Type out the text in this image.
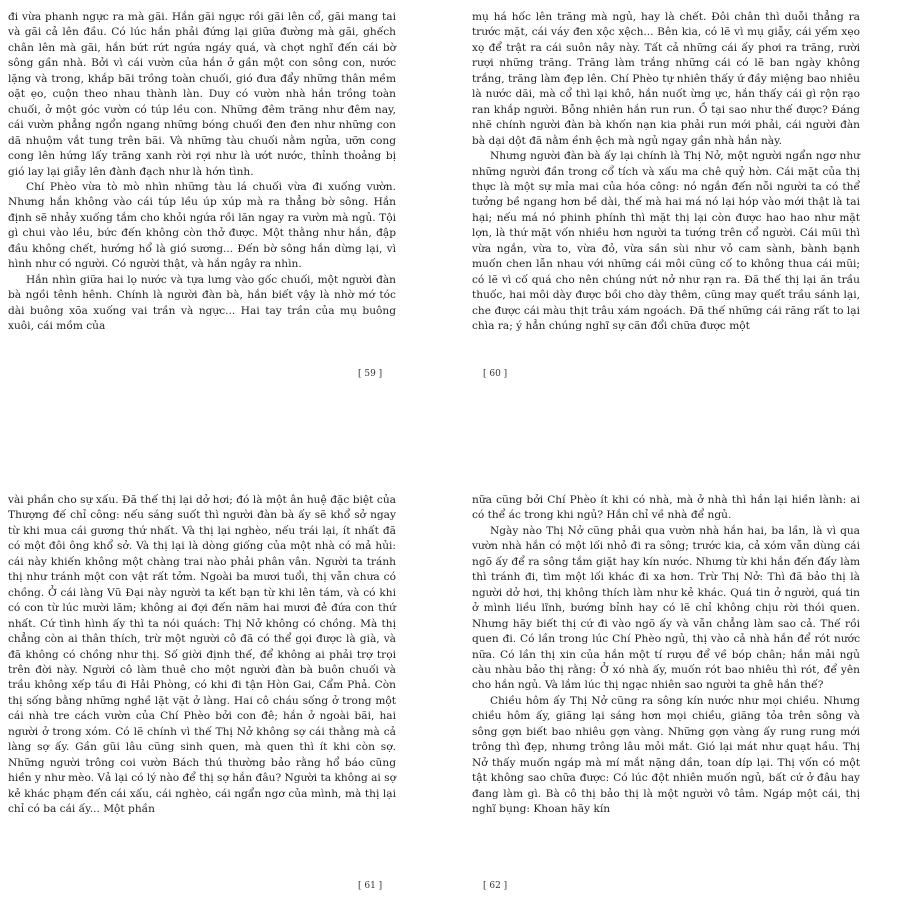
đi vừa phanh ngực ra mà gãi. Hắn gãi ngực rồi gãi lên cổ, gãi mang tai và gãi cả lên đầu. Có lúc hắn phải đứng lại giữa đường mà gãi, ghếch chân lên mà gãi, hắn bứt rứt ngứa ngáy quá, và chợt nghĩ đến cái bờ sông gần nhà. Bởi vì cái vườn của hắn ở gần một con sông con, nước lặng và trong, khắp bãi trồng toàn chuối, gió đưa đẩy những thân mềm oặt ẹo, cuộn theo nhau thành làn. Duy có vườn nhà hắn trồng toàn chuối, ở một góc vườn có túp lều con. Những đêm trăng như đêm nay, cái vườn phẳng ngổn ngang những bóng chuối đen đen như những con dã nhuộm vắt tung trên bãi. Và những tàu chuối nằm ngửa, ưỡn cong cong lên hứng lấy trăng xanh rời rợi như là ướt nước, thỉnh thoảng bị gió lay lại giẫy lên đành đạch như là hớn tình.

Chí Phèo vừa tò mò nhìn những tàu lá chuối vừa đi xuống vườn. Nhưng hắn không vào cái túp lều úp xúp mà ra thẳng bờ sông. Hắn định sẽ nhảy xuống tắm cho khỏi ngứa rồi lăn ngay ra vườn mà ngủ. Tội gì chui vào lều, bức đến không còn thở được. Một thằng như hắn, đập đầu không chết, hướng hổ là gió sương... Đến bờ sông hắn dừng lại, vì hình như có người. Có người thật, và hắn ngây ra nhìn.

Hắn nhìn giữa hai lọ nước và tựa lưng vào gốc chuối, một người đàn bà ngồi tênh hênh. Chính là người đàn bà, hắn biết vậy là nhờ mớ tóc dài buông xõa xuống vai trần và ngực... Hai tay trần của mụ buông xuôi, cái mồm của

[ 59 ]

mụ há hốc lên trăng mà ngủ, hay là chết. Đôi chân thì duỗi thẳng ra trước mặt, cái váy đen xộc xệch... Bên kia, có lẽ vì mụ giẫy, cái yếm xẹo xọ để trật ra cái suôn nây này. Tất cả những cái ấy phơi ra trăng, rười rượi những trăng. Trăng làm trắng những cái có lẽ ban ngày không trắng, trăng làm đẹp lên. Chí Phèo tự nhiên thấy ứ đầy miệng bao nhiêu là nước dãi, mà cổ thì lại khô, hắn nuốt ừng ực, hắn thấy cái gì rộn rạo ran khắp người. Bỗng nhiên hắn run run. Ồ tại sao như thế được? Đáng nhẽ chính người đàn bà khốn nạn kia phải run mới phải, cái người đàn bà dại dột đã nằm ềnh ệch mà ngủ ngay gần nhà hắn này.

Nhưng người đàn bà ấy lại chính là Thị Nở, một người ngẩn ngơ như những người đần trong cổ tích và xấu ma chê quỷ hờn. Cái mặt của thị thực là một sự mỉa mai của hóa công: nó ngắn đến nỗi người ta có thể tưởng bề ngang hơn bề dài, thế mà hai má nó lại hóp vào mới thật là tai hại; nếu má nó phinh phính thì mặt thị lại còn được hao hao như mặt lợn, là thứ mặt vốn nhiều hơn người ta tướng trên cổ người. Cái mũi thì vừa ngắn, vừa to, vừa đỏ, vừa sần sùi như vỏ cam sành, bành bạnh muốn chen lẫn nhau với những cái môi cũng cố to không thua cái mũi; có lẽ vì cố quá cho nên chúng nứt nở như rạn ra. Đã thế thị lại ăn trầu thuốc, hai môi dày được bồi cho dày thêm, cũng may quết trầu sánh lại, che được cái màu thịt trâu xám ngoách. Đã thế những cái răng rất to lại chìa ra; ý hẳn chúng nghĩ sự cãn đổi chữa được một

[ 60 ]

vài phần cho sự xấu. Đã thế thị lại dở hơi; đó là một ân huệ đặc biệt của Thượng đế chỉ công: nếu sáng suốt thì người đàn bà ấy sẽ khổ sở ngay từ khi mua cái gương thứ nhất. Và thị lại nghèo, nếu trái lại, ít nhất đã có một đôi ông khổ sở. Và thị lại là dòng giống của một nhà có mả hủi: cái này khiến không một chàng trai nào phải phân vân. Người ta tránh thị như tránh một con vật rất tởm. Ngoài ba mươi tuổi, thị vẫn chưa có chồng. Ở cái làng Vũ Đại này người ta kết bạn từ khi lên tám, và có khi có con từ lúc mười lăm; không ai đợi đến năm hai mươi đẻ đứa con thứ nhất. Cứ tình hình ấy thì ta nói quách: Thị Nở không có chồng. Mà thị chẳng còn ai thân thích, trừ một người cô đã có thể gọi được là già, và đã không có chồng như thị. Số giời định thế, để không ai phải trợ trọi trên đời này. Người cô làm thuê cho một người đàn bà buôn chuối và trầu không xếp tầu đi Hải Phòng, có khi đi tận Hòn Gai, Cẩm Phả. Còn thị sống bằng những nghề lặt vặt ở làng. Hai cô cháu sống ở trong một cái nhà tre cách vườn của Chí Phèo bởi con đê; hắn ở ngoài bãi, hai người ở trong xóm. Có lẽ chính vì thế Thị Nở không sợ cái thằng mà cả làng sợ ấy. Gần gũi lâu cũng sinh quen, mà quen thì ít khi còn sợ. Những người trông coi vườn Bách thú thường bảo rằng hổ báo cũng hiền y như mèo. Vả lại có lý nào để thị sợ hắn đâu? Người ta không ai sợ kẻ khác phạm đến cái xấu, cái nghèo, cái ngẩn ngơ của mình, mà thị lại chỉ có ba cái ấy... Một phần

[ 61 ]

nữa cũng bởi Chí Phèo ít khi có nhà, mà ở nhà thì hắn lại hiền lành: ai có thể ác trong khi ngủ? Hắn chỉ về nhà để ngủ.

Ngày nào Thị Nở cũng phải qua vườn nhà hắn hai, ba lần, là vì qua vườn nhà hắn có một lối nhỏ đi ra sông; trước kia, cả xóm vẫn dùng cái ngõ ấy để ra sông tắm giặt hay kín nước. Nhưng từ khi hắn đến đấy làm thì tránh đi, tìm một lối khác đi xa hơn. Trừ Thị Nở: Thì đã bảo thị là người dở hơi, thị không thích làm như kẻ khác. Quá tin ở người, quá tin ở mình liều lĩnh, bướng bỉnh hay có lẽ chỉ không chịu rời thói quen. Nhưng hãy biết thị cứ đi vào ngõ ấy và vẫn chẳng làm sao cả. Thế rồi quen đi. Có lần trong lúc Chí Phèo ngủ, thị vào cả nhà hắn để rót nước nữa. Có lần thị xin của hắn một tí rượu để về bóp chân; hắn mải ngủ càu nhàu bảo thị rằng: Ở xó nhà ấy, muốn rót bao nhiêu thì rót, để yên cho hắn ngủ. Và lắm lúc thị ngạc nhiên sao người ta ghê hắn thế?

Chiều hôm ấy Thị Nở cũng ra sông kín nước như mọi chiều. Nhưng chiều hôm ấy, giăng lại sáng hơn mọi chiều, giăng tỏa trên sông và sông gợn biết bao nhiêu gợn vàng. Những gợn vàng ấy rung rung mới trông thì đẹp, nhưng trông lâu mỏi mắt. Gió lại mát như quạt hầu. Thị Nở thấy muốn ngáp mà mí mắt nặng dần, toan díp lại. Thị vốn có một tật không sao chữa được: Có lúc đột nhiên muốn ngủ, bất cứ ở đâu hay đang làm gì. Bà cô thị bảo thị là một người vô tâm. Ngáp một cái, thị nghĩ bụng: Khoan hãy kín

[ 62 ]
